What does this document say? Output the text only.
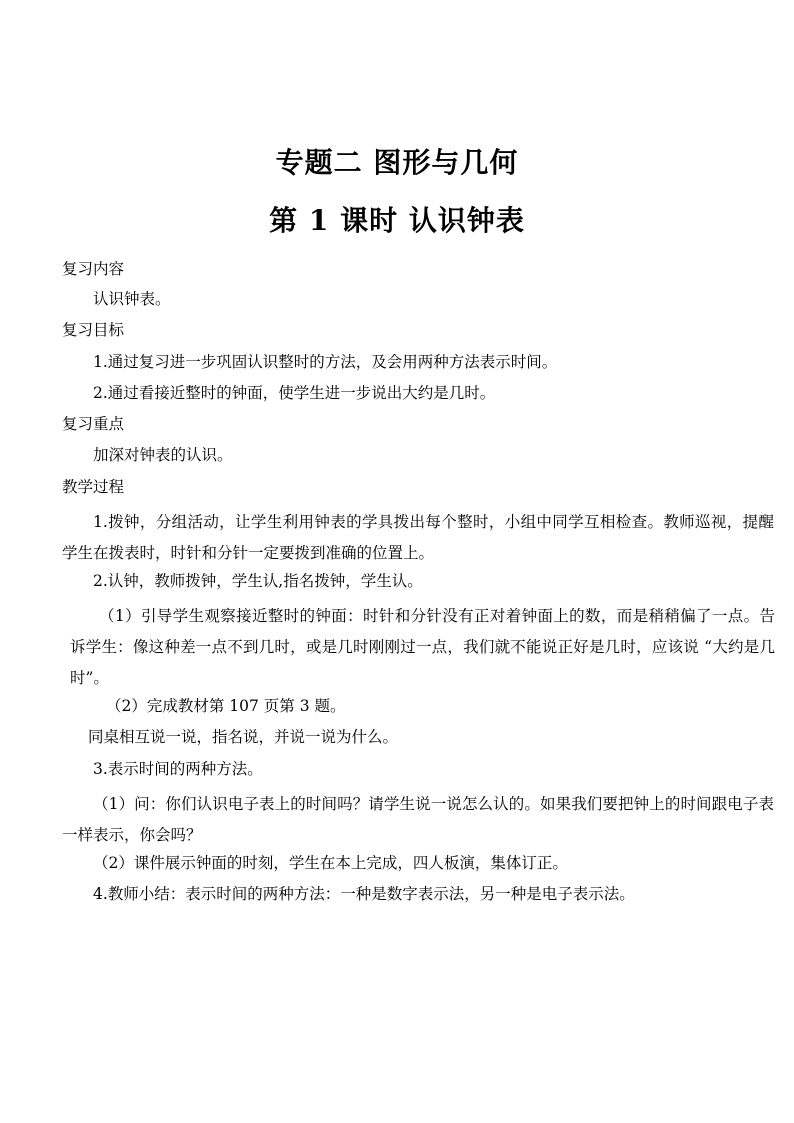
专题二 图形与几何
第 1 课时 认识钟表
复习内容
认识钟表。
复习目标
1.通过复习进一步巩固认识整时的方法，及会用两种方法表示时间。
2.通过看接近整时的钟面，使学生进一步说出大约是几时。
复习重点
加深对钟表的认识。
教学过程
1.拨钟，分组活动，让学生利用钟表的学具拨出每个整时，小组中同学互相检查。教师巡视，提醒学生在拨表时，时针和分针一定要拨到准确的位置上。
2.认钟，教师拨钟，学生认,指名拨钟，学生认。
（1）引导学生观察接近整时的钟面：时针和分针没有正对着钟面上的数，而是稍稍偏了一点。告诉学生：像这种差一点不到几时，或是几时刚刚过一点，我们就不能说正好是几时，应该说 “大约是几时”。
（2）完成教材第 107 页第 3 题。
同桌相互说一说，指名说，并说一说为什么。
3.表示时间的两种方法。
（1）问：你们认识电子表上的时间吗？请学生说一说怎么认的。如果我们要把钟上的时间跟电子表一样表示，你会吗？
（2）课件展示钟面的时刻，学生在本上完成，四人板演，集体订正。
4.教师小结：表示时间的两种方法：一种是数字表示法，另一种是电子表示法。
